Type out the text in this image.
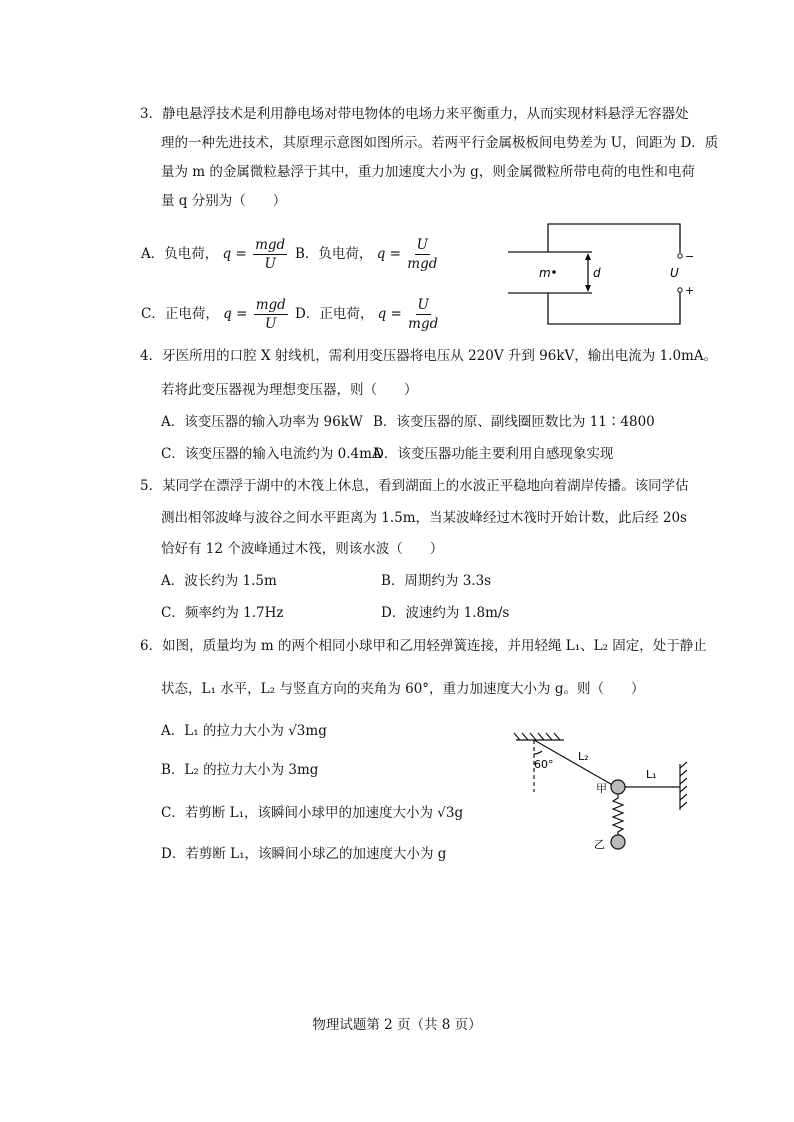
3．静电悬浮技术是利用静电场对带电物体的电场力来平衡重力，从而实现材料悬浮无容器处
理的一种先进技术，其原理示意图如图所示。若两平行金属极板间电势差为 U，间距为 D．质
量为 m 的金属微粒悬浮于其中，重力加速度大小为 g，则金属微粒所带电荷的电性和电荷
量 q 分别为（　　）
A．负电荷， $q = \frac{\text{mgd}}{U}$ B．负电荷， $q = \frac{U}{\text{mgd}}$
C．正电荷， $q = \frac{\text{mgd}}{U}$ D．正电荷， $q = \frac{U}{\text{mgd}}$
m	d	U
−
+
4．牙医所用的口腔 X 射线机，需利用变压器将电压从 220V 升到 96kV，输出电流为 1.0mA。
若将此变压器视为理想变压器，则（　　）
A．该变压器的输入功率为 96kW B．该变压器的原、副线圈匝数比为 11∶4800
C．该变压器的输入电流约为 0.4mA
D．该变压器功能主要利用自感现象实现
5．某同学在漂浮于湖中的木筏上休息，看到湖面上的水波正平稳地向着湖岸传播。该同学估
测出相邻波峰与波谷之间水平距离为 1.5m，当某波峰经过木筏时开始计数，此后经 20s
恰好有 12 个波峰通过木筏，则该水波（　　）
A．波长约为 1.5m	B．周期约为 3.3s
C．频率约为 1.7Hz	D．波速约为 1.8m/s
6．如图，质量均为 m 的两个相同小球甲和乙用轻弹簧连接，并用轻绳 L₁、L₂ 固定，处于静止
状态，L₁ 水平，L₂ 与竖直方向的夹角为 60°，重力加速度大小为 g。则（　　）
A．L₁ 的拉力大小为 √3mg
B．L₂ 的拉力大小为 3mg
C．若剪断 L₁，该瞬间小球甲的加速度大小为 √3g
D．若剪断 L₁，该瞬间小球乙的加速度大小为 g
60°
L₂
L₁
甲
乙
物理试题第 2 页（共 8 页）
